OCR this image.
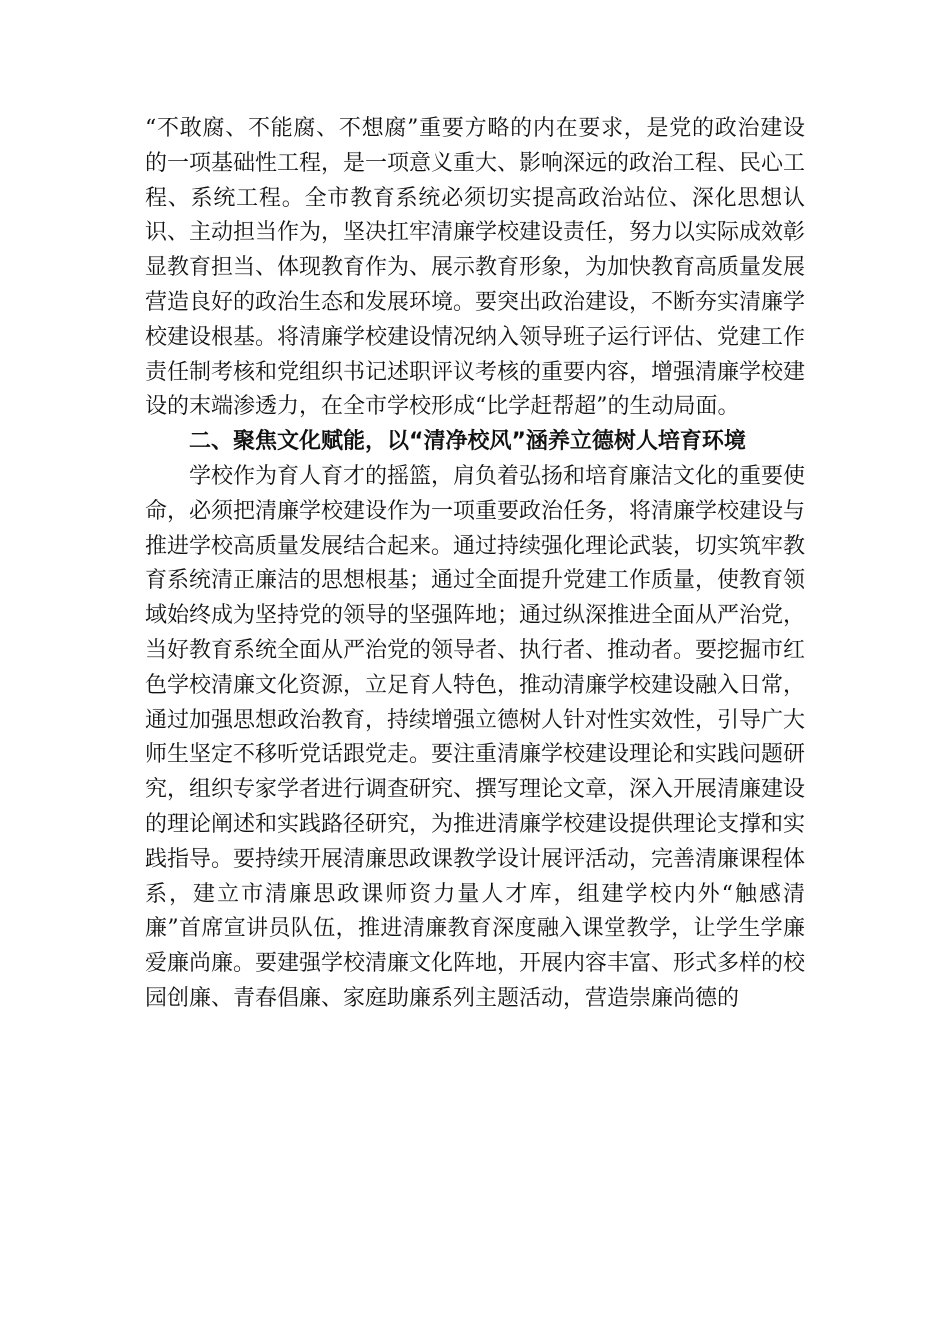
“不敢腐、不能腐、不想腐”重要方略的内在要求，是党的政治建设的一项基础性工程，是一项意义重大、影响深远的政治工程、民心工程、系统工程。全市教育系统必须切实提高政治站位、深化思想认识、主动担当作为，坚决扛牢清廉学校建设责任，努力以实际成效彰显教育担当、体现教育作为、展示教育形象，为加快教育高质量发展营造良好的政治生态和发展环境。要突出政治建设，不断夯实清廉学校建设根基。将清廉学校建设情况纳入领导班子运行评估、党建工作责任制考核和党组织书记述职评议考核的重要内容，增强清廉学校建设的末端渗透力，在全市学校形成“比学赶帮超”的生动局面。

二、聚焦文化赋能，以“清净校风”涵养立德树人培育环境

学校作为育人育才的摇篮，肩负着弘扬和培育廉洁文化的重要使命，必须把清廉学校建设作为一项重要政治任务，将清廉学校建设与推进学校高质量发展结合起来。通过持续强化理论武装，切实筑牢教育系统清正廉洁的思想根基；通过全面提升党建工作质量，使教育领域始终成为坚持党的领导的坚强阵地；通过纵深推进全面从严治党，当好教育系统全面从严治党的领导者、执行者、推动者。要挖掘市红色学校清廉文化资源，立足育人特色，推动清廉学校建设融入日常，通过加强思想政治教育，持续增强立德树人针对性实效性，引导广大师生坚定不移听党话跟党走。要注重清廉学校建设理论和实践问题研究，组织专家学者进行调查研究、撰写理论文章，深入开展清廉建设的理论阐述和实践路径研究，为推进清廉学校建设提供理论支撑和实践指导。要持续开展清廉思政课教学设计展评活动，完善清廉课程体系，建立市清廉思政课师资力量人才库，组建学校内外“触感清廉”首席宣讲员队伍，推进清廉教育深度融入课堂教学，让学生学廉爱廉尚廉。要建强学校清廉文化阵地，开展内容丰富、形式多样的校园创廉、青春倡廉、家庭助廉系列主题活动，营造崇廉尚德的
